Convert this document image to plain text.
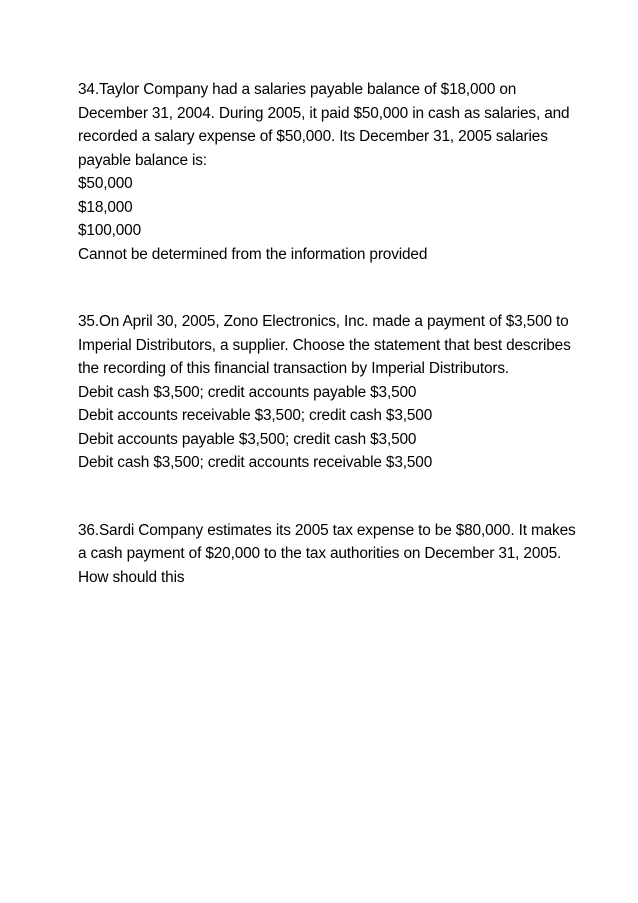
34.Taylor Company had a salaries payable balance of $18,000 on December 31, 2004. During 2005, it paid $50,000 in cash as salaries, and recorded a salary expense of $50,000. Its December 31, 2005 salaries payable balance is:

$50,000

$18,000

$100,000

Cannot be determined from the information provided

35.On April 30, 2005, Zono Electronics, Inc. made a payment of $3,500 to Imperial Distributors, a supplier. Choose the statement that best describes the recording of this financial transaction by Imperial Distributors.

Debit cash $3,500; credit accounts payable $3,500

Debit accounts receivable $3,500; credit cash $3,500

Debit accounts payable $3,500; credit cash $3,500

Debit cash $3,500; credit accounts receivable $3,500

36.Sardi Company estimates its 2005 tax expense to be $80,000. It makes a cash payment of $20,000 to the tax authorities on December 31, 2005. How should this
